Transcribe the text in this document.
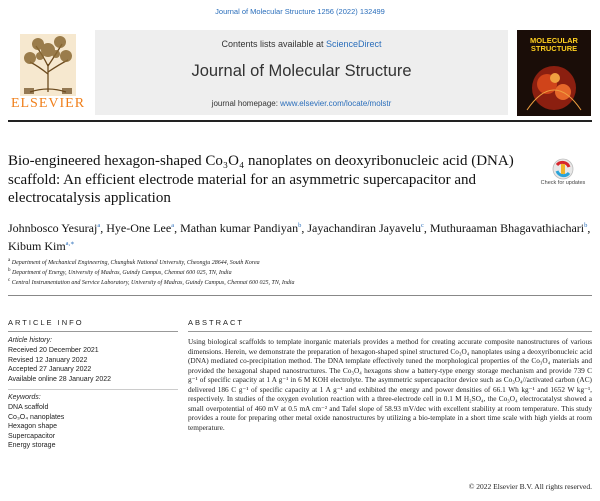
Journal of Molecular Structure 1256 (2022) 132499
Contents lists available at ScienceDirect
Journal of Molecular Structure
journal homepage: www.elsevier.com/locate/molstr
ELSEVIER
MOLECULAR STRUCTURE
Bio-engineered hexagon-shaped Co₃O₄ nanoplates on deoxyribonucleic acid (DNA) scaffold: An efficient electrode material for an asymmetric supercapacitor and electrocatalysis application
Check for updates
Johnbosco Yesuraj$^a$, Hye-One Lee$^a$, Mathan kumar Pandiyan$^b$, Jayachandiran Jayavelu$^c$, Muthuraaman Bhagavathiachari$^b$, Kibum Kim$^{a,∗}$
$^a$ Department of Mechanical Engineering, Chungbuk National University, Cheongju 28644, South Korea
$^b$ Department of Energy, University of Madras, Guindy Campus, Chennai 600 025, TN, India
$^c$ Central Instrumentation and Service Laboratory, University of Madras, Guindy Campus, Chennai 600 025, TN, India
ARTICLE INFO
Article history:
Received 20 December 2021
Revised 12 January 2022
Accepted 27 January 2022
Available online 28 January 2022
Keywords:
DNA scaffold
Co₃O₄ nanoplates
Hexagon shape
Supercapacitor
Energy storage
ABSTRACT

Using biological scaffolds to template inorganic materials provides a method for creating accurate composite nanostructures of various dimensions. Herein, we demonstrate the preparation of hexagon-shaped spinel structured Co₃O₄ nanoplates using a deoxyribonucleic acid (DNA) mediated co-precipitation method. The DNA template effectively tuned the morphological properties of the Co₃O₄ materials and provided the hexagonal shaped nanostructures. The Co₃O₄ hexagons show a battery-type energy storage mechanism and provide 739 C g⁻¹ of specific capacity at 1 A g⁻¹ in 6 M KOH electrolyte. The asymmetric supercapacitor device such as Co₃O₄//activated carbon (AC) delivered 186 C g⁻¹ of specific capacity at 1 A g⁻¹ and exhibited the energy and power densities of 66.1 Wh kg⁻¹ and 1652 W kg⁻¹, respectively. In studies of the oxygen evolution reaction with a three-electrode cell in 0.1 M H₂SO₄, the Co₃O₄ electrocatalyst showed a small overpotential of 460 mV at 0.5 mA cm⁻² and Tafel slope of 58.93 mV/dec with excellent stability at room temperature. This study provides a route for preparing other metal oxide nanostructures by utilizing a bio-template in a short time scale with high yields at room temperature.

© 2022 Elsevier B.V. All rights reserved.
